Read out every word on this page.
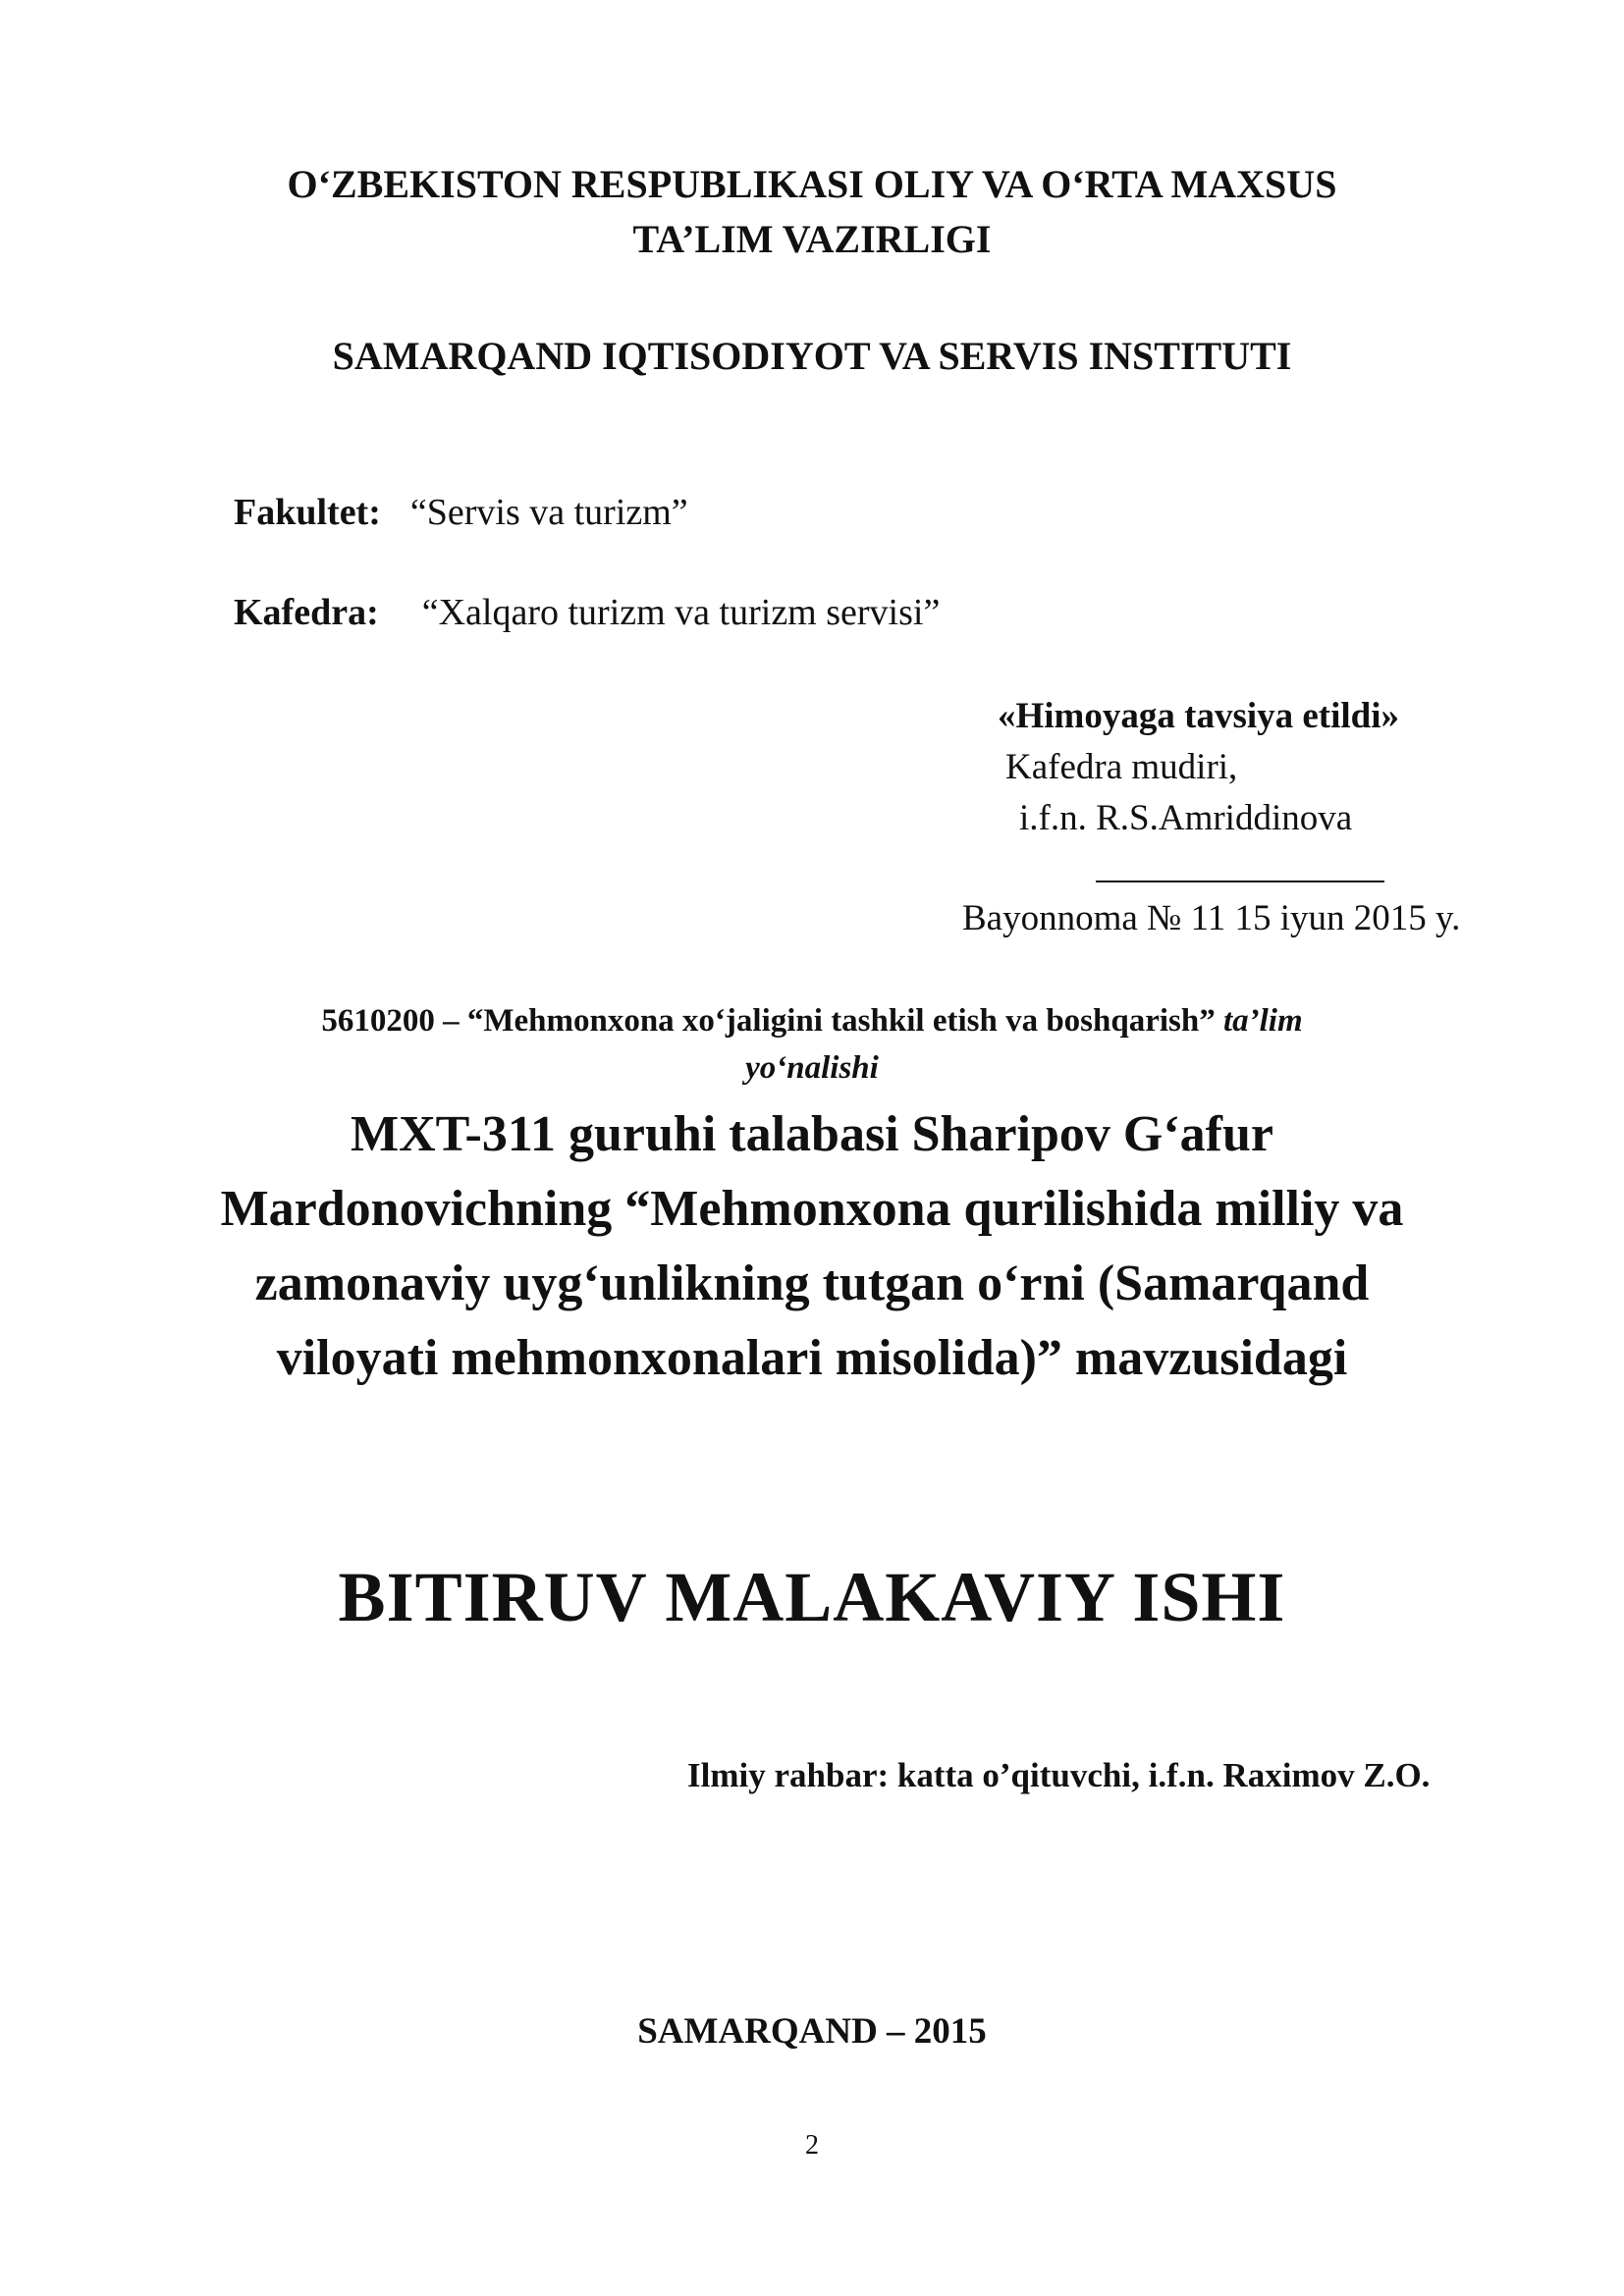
O‘ZBEKISTON RESPUBLIKASI OLIY VA O‘RTA MAXSUS
TA’LIM VAZIRLIGI
SAMARQAND IQTISODIYOT VA SERVIS INSTITUTI
Fakultet: “Servis va turizm”
Kafedra: “Xalqaro turizm va turizm servisi”
«Himoyaga tavsiya etildi»
Kafedra mudiri,
i.f.n. R.S.Amriddinova
Bayonnoma № 11 15 iyun 2015 y.
5610200 – “Mehmonxona xo‘jaligini tashkil etish va boshqarish” ta’lim
yo‘nalishi
MXT-311 guruhi talabasi Sharipov G‘afur
Mardonovichning “Mehmonxona qurilishida milliy va
zamonaviy uyg‘unlikning tutgan o‘rni (Samarqand
viloyati mehmonxonalari misolida)” mavzusidagi
BITIRUV MALAKAVIY ISHI
Ilmiy rahbar: katta o’qituvchi, i.f.n. Raximov Z.O.
SAMARQAND – 2015
2
